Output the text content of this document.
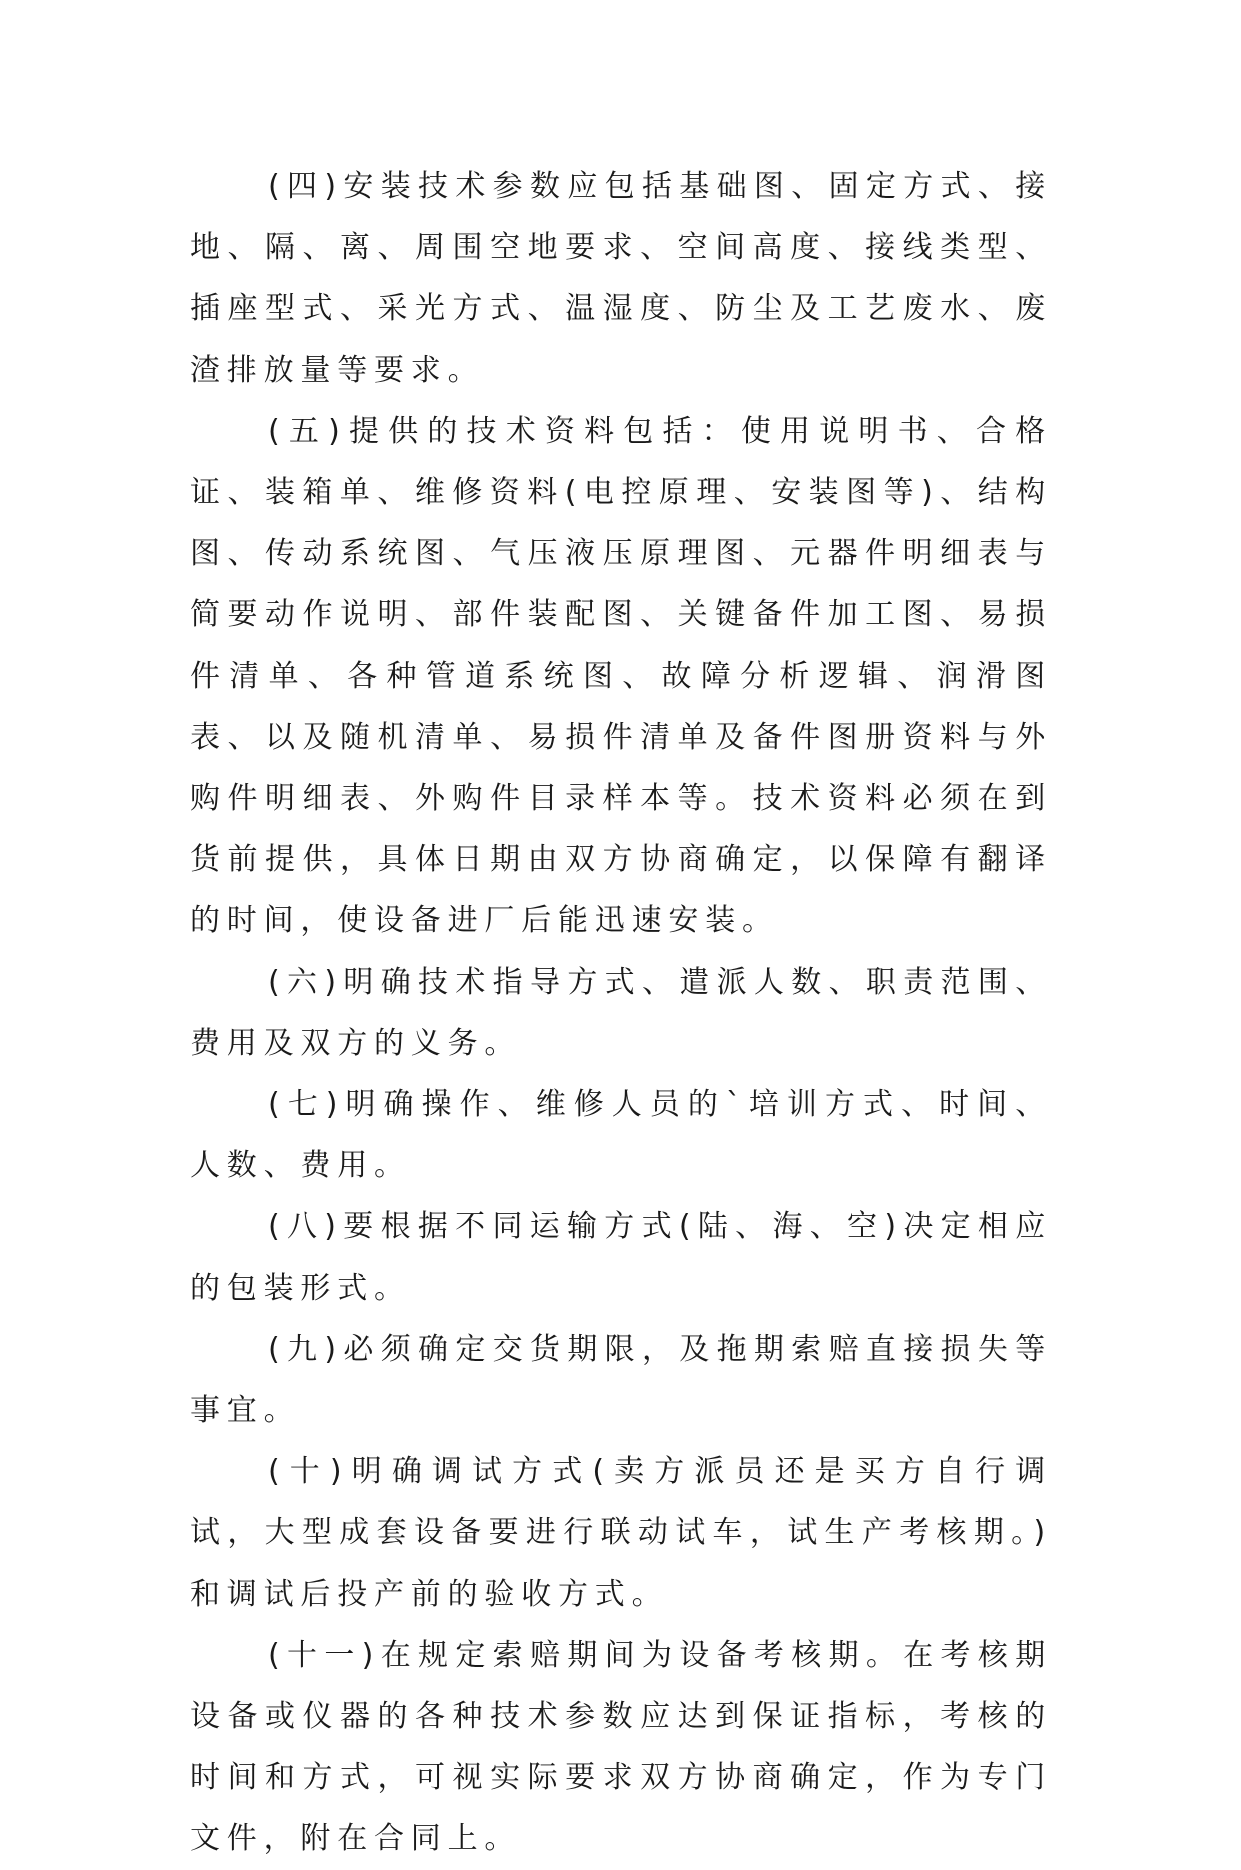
(四)安装技术参数应包括基础图、固定方式、接地、隔、离、周围空地要求、空间高度、接线类型、插座型式、采光方式、温湿度、防尘及工艺废水、废渣排放量等要求。

(五)提供的技术资料包括：使用说明书、合格证、装箱单、维修资料(电控原理、安装图等)、结构图、传动系统图、气压液压原理图、元器件明细表与简要动作说明、部件装配图、关键备件加工图、易损件清单、各种管道系统图、故障分析逻辑、润滑图表、以及随机清单、易损件清单及备件图册资料与外购件明细表、外购件目录样本等。技术资料必须在到货前提供，具体日期由双方协商确定，以保障有翻译的时间，使设备进厂后能迅速安装。

(六)明确技术指导方式、遣派人数、职责范围、费用及双方的义务。

(七)明确操作、维修人员的`培训方式、时间、人数、费用。

(八)要根据不同运输方式(陆、海、空)决定相应的包装形式。

(九)必须确定交货期限，及拖期索赔直接损失等事宜。

(十)明确调试方式(卖方派员还是买方自行调试，大型成套设备要进行联动试车，试生产考核期。)和调试后投产前的验收方式。

(十一)在规定索赔期间为设备考核期。在考核期设备或仪器的各种技术参数应达到保证指标，考核的时间和方式，可视实际要求双方协商确定，作为专门文件，附在合同上。
